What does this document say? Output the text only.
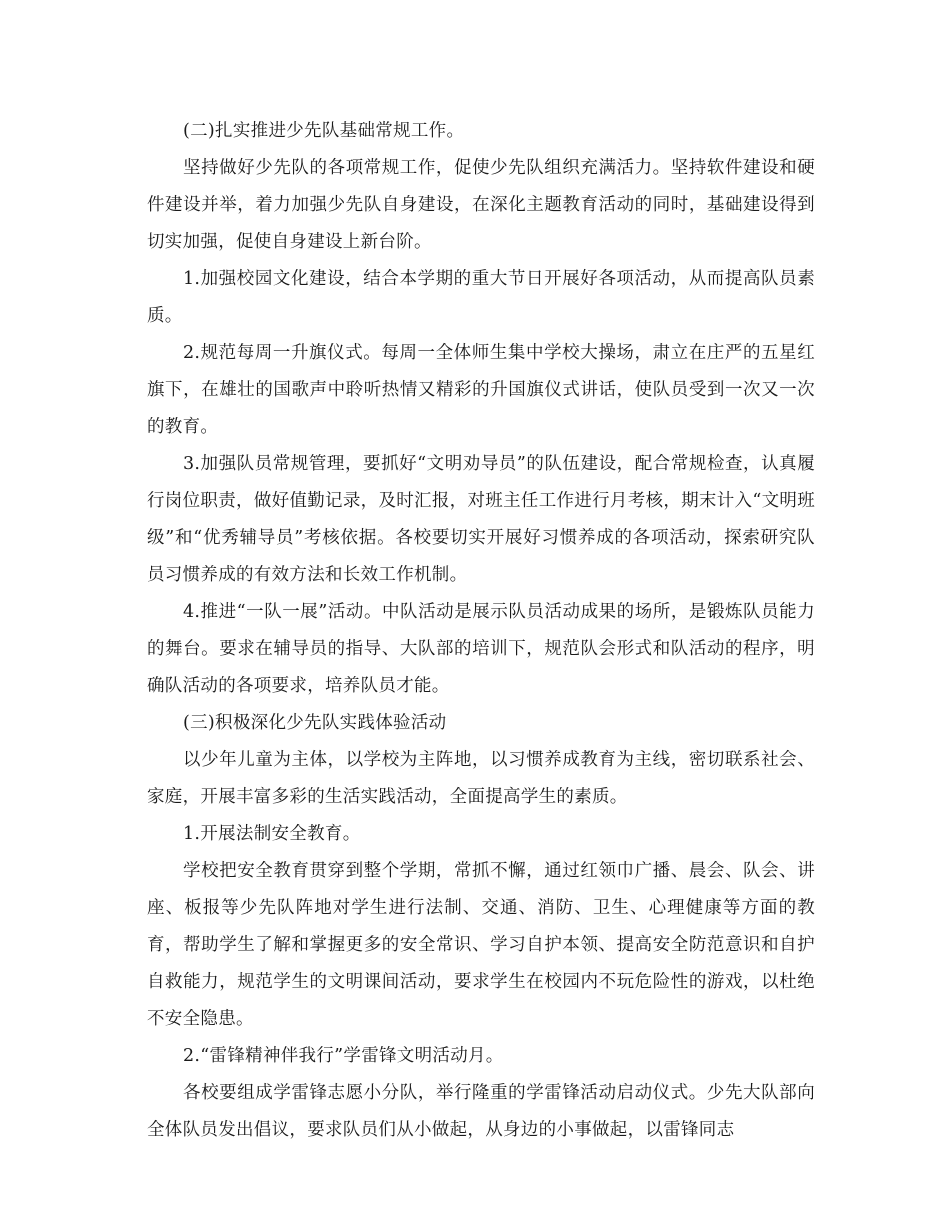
(二)扎实推进少先队基础常规工作。

坚持做好少先队的各项常规工作，促使少先队组织充满活力。坚持软件建设和硬件建设并举，着力加强少先队自身建设，在深化主题教育活动的同时，基础建设得到切实加强，促使自身建设上新台阶。

1.加强校园文化建设，结合本学期的重大节日开展好各项活动，从而提高队员素质。

2.规范每周一升旗仪式。每周一全体师生集中学校大操场，肃立在庄严的五星红旗下，在雄壮的国歌声中聆听热情又精彩的升国旗仪式讲话，使队员受到一次又一次的教育。

3.加强队员常规管理，要抓好“文明劝导员”的队伍建设，配合常规检查，认真履行岗位职责，做好值勤记录，及时汇报，对班主任工作进行月考核，期末计入“文明班级”和“优秀辅导员”考核依据。各校要切实开展好习惯养成的各项活动，探索研究队员习惯养成的有效方法和长效工作机制。

4.推进“一队一展”活动。中队活动是展示队员活动成果的场所，是锻炼队员能力的舞台。要求在辅导员的指导、大队部的培训下，规范队会形式和队活动的程序，明确队活动的各项要求，培养队员才能。

(三)积极深化少先队实践体验活动

以少年儿童为主体，以学校为主阵地，以习惯养成教育为主线，密切联系社会、家庭，开展丰富多彩的生活实践活动，全面提高学生的素质。

1.开展法制安全教育。

学校把安全教育贯穿到整个学期，常抓不懈，通过红领巾广播、晨会、队会、讲座、板报等少先队阵地对学生进行法制、交通、消防、卫生、心理健康等方面的教育，帮助学生了解和掌握更多的安全常识、学习自护本领、提高安全防范意识和自护自救能力，规范学生的文明课间活动，要求学生在校园内不玩危险性的游戏，以杜绝不安全隐患。

2.“雷锋精神伴我行”学雷锋文明活动月。

各校要组成学雷锋志愿小分队，举行隆重的学雷锋活动启动仪式。少先大队部向全体队员发出倡议，要求队员们从小做起，从身边的小事做起，以雷锋同志
